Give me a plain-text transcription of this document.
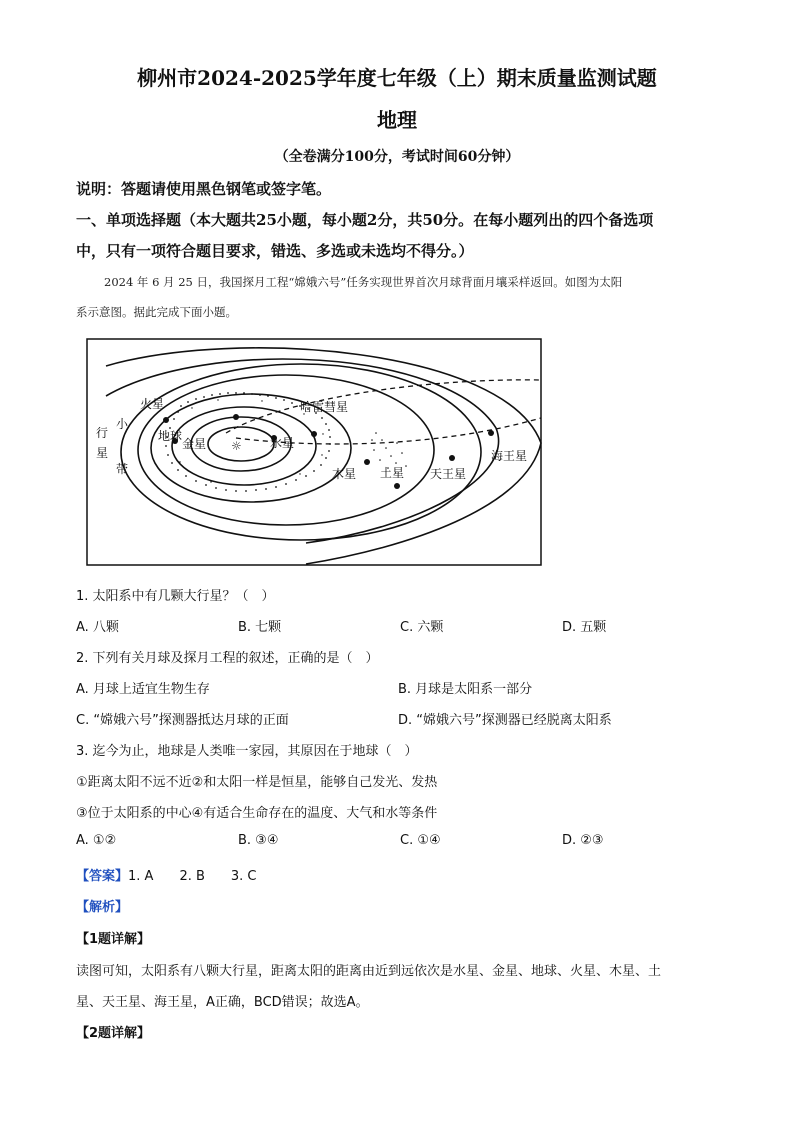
柳州市2024-2025学年度七年级（上）期末质量监测试题
地理
（全卷满分100分，考试时间60分钟）
说明：答题请使用黑色钢笔或签字笔。
一、单项选择题（本大题共25小题，每小题2分，共50分。在每小题列出的四个备选项
中，只有一项符合题目要求，错选、多选或未选均不得分。）
2024 年 6 月 25 日，我国探月工程“嫦娥六号”任务实现世界首次月球背面月壤采样返回。如图为太阳
系示意图。据此完成下面小题。
☼ 水星
金星
地球
火星	哈雷彗星
木星 土星 天王星
海王星
小
行
星
带
1. 太阳系中有几颗大行星？（　）
A. 八颗	B. 七颗	C. 六颗	D. 五颗
2. 下列有关月球及探月工程的叙述，正确的是（　）
A. 月球上适宜生物生存	B. 月球是太阳系一部分
C. “嫦娥六号”探测器抵达月球的正面	D. “嫦娥六号”探测器已经脱离太阳系
3. 迄今为止，地球是人类唯一家园，其原因在于地球（　）
①距离太阳不远不近②和太阳一样是恒星，能够自己发光、发热
③位于太阳系的中心④有适合生命存在的温度、大气和水等条件
A. ①②	B. ③④	C. ①④	D. ②③
【答案】1. A　　2. B　　3. C
【解析】
【1题详解】
读图可知，太阳系有八颗大行星，距离太阳的距离由近到远依次是水星、金星、地球、火星、木星、土
星、天王星、海王星，A正确，BCD错误；故选A。
【2题详解】
